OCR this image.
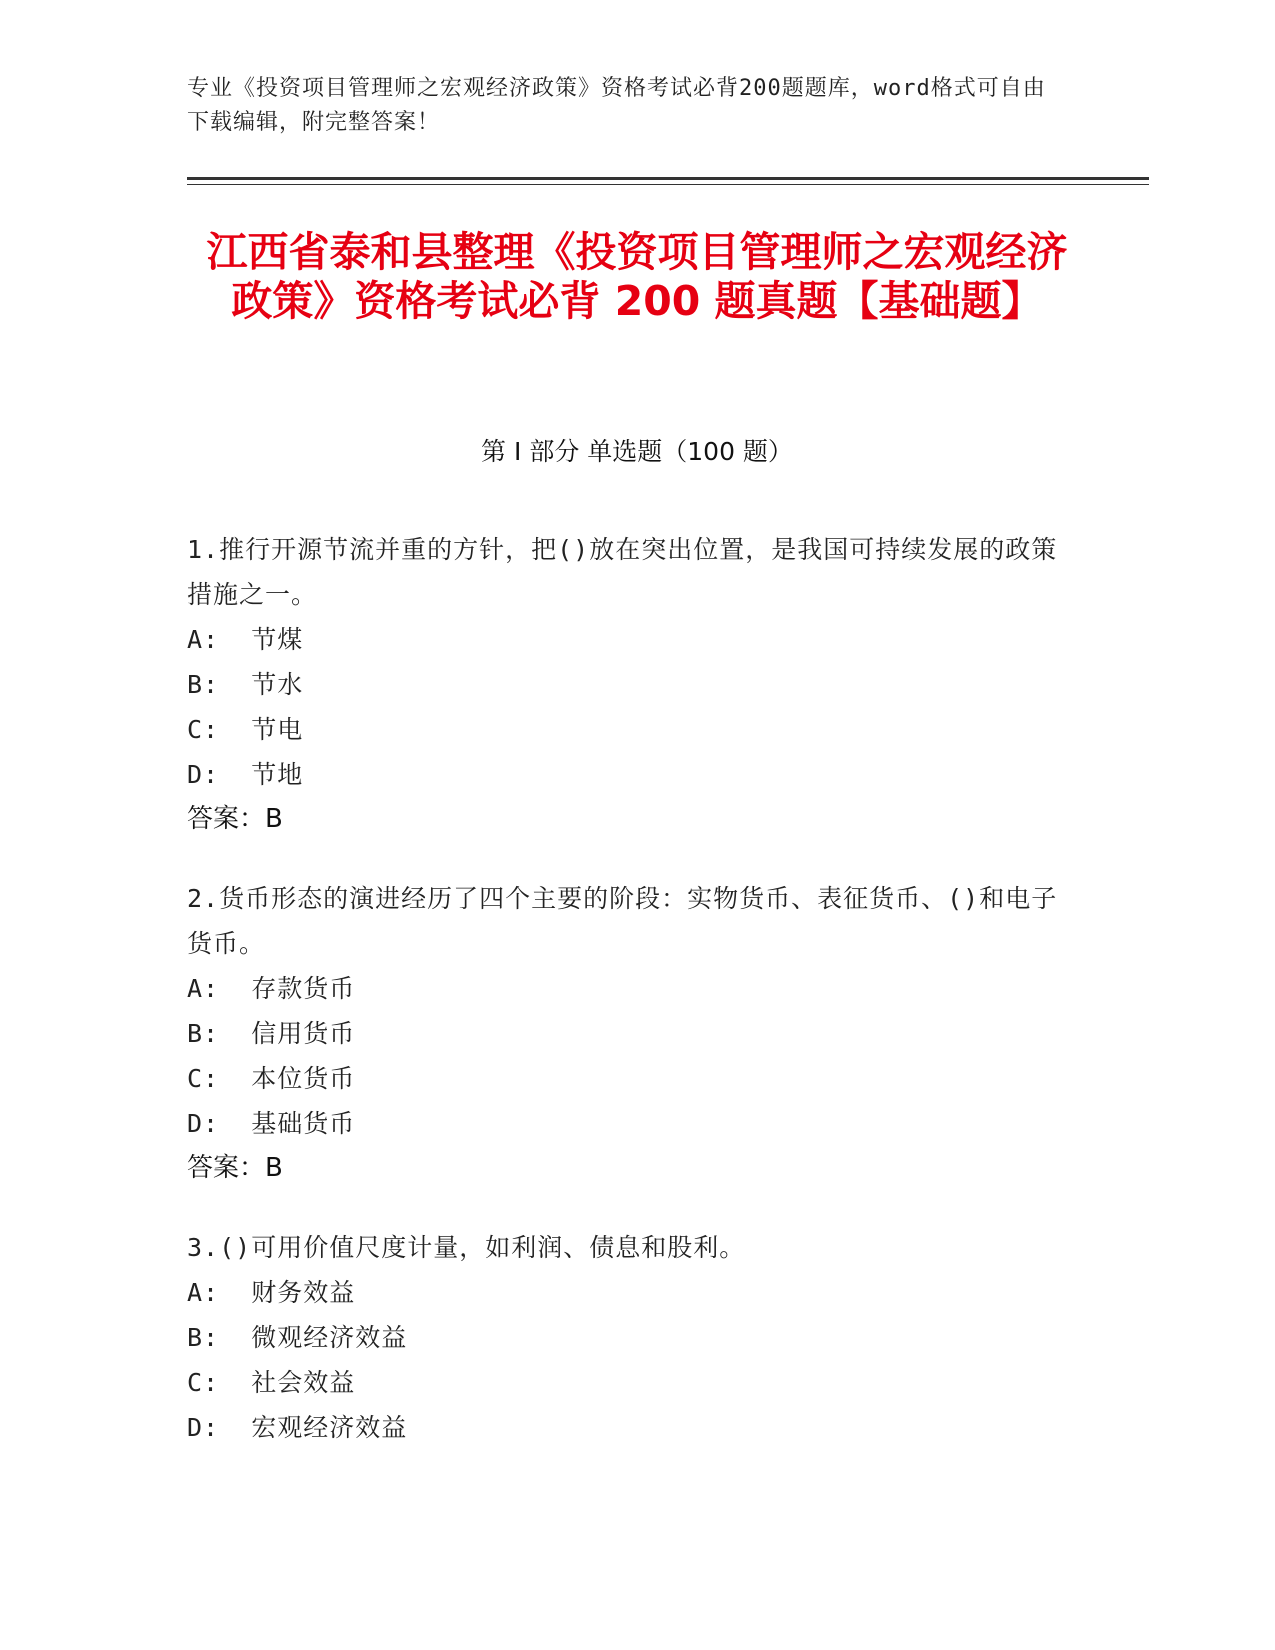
专业《投资项目管理师之宏观经济政策》资格考试必背200题题库，word格式可自由下载编辑，附完整答案！
江西省泰和县整理《投资项目管理师之宏观经济政策》资格考试必背 200 题真题【基础题】
第 I 部分 单选题（100 题）
1.推行开源节流并重的方针，把()放在突出位置，是我国可持续发展的政策措施之一。
A:  节煤
B:  节水
C:  节电
D:  节地
答案：B
2.货币形态的演进经历了四个主要的阶段：实物货币、表征货币、()和电子货币。
A:  存款货币
B:  信用货币
C:  本位货币
D:  基础货币
答案：B
3.()可用价值尺度计量，如利润、债息和股利。
A:  财务效益
B:  微观经济效益
C:  社会效益
D:  宏观经济效益
